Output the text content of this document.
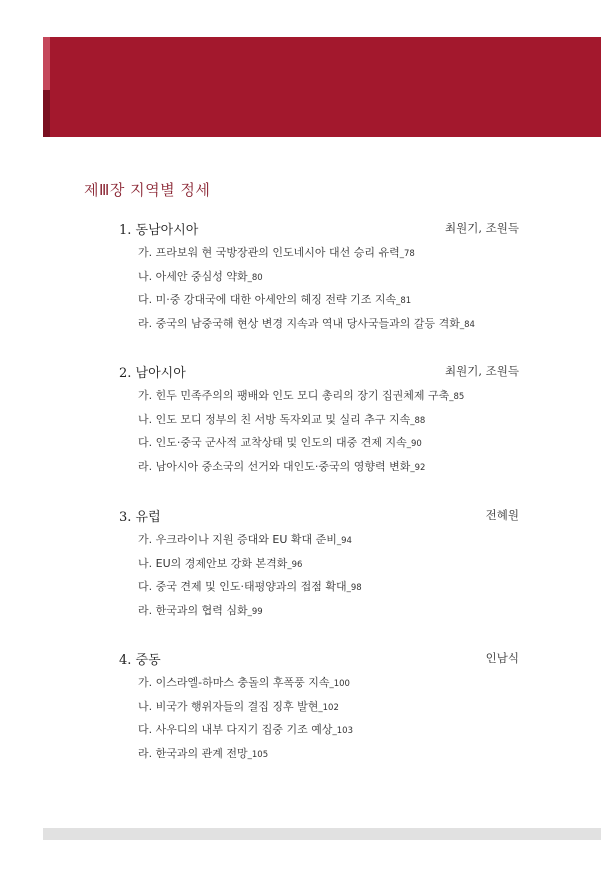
제Ⅲ장 지역별 정세
1. 동남아시아	최원기, 조원득
가. 프라보워 현 국방장관의 인도네시아 대선 승리 유력_78
나. 아세안 중심성 약화_80
다. 미·중 강대국에 대한 아세안의 헤징 전략 기조 지속_81
라. 중국의 남중국해 현상 변경 지속과 역내 당사국들과의 갈등 격화_84
2. 남아시아	최원기, 조원득
가. 힌두 민족주의의 팽배와 인도 모디 총리의 장기 집권체제 구축_85
나. 인도 모디 정부의 친 서방 독자외교 및 실리 추구 지속_88
다. 인도·중국 군사적 교착상태 및 인도의 대중 견제 지속_90
라. 남아시아 중소국의 선거와 대인도·중국의 영향력 변화_92
3. 유럽	전혜원
가. 우크라이나 지원 증대와 EU 확대 준비_94
나. EU의 경제안보 강화 본격화_96
다. 중국 견제 및 인도·태평양과의 접점 확대_98
라. 한국과의 협력 심화_99
4. 중동	인남식
가. 이스라엘-하마스 충돌의 후폭풍 지속_100
나. 비국가 행위자들의 결집 징후 발현_102
다. 사우디의 내부 다지기 집중 기조 예상_103
라. 한국과의 관계 전망_105
